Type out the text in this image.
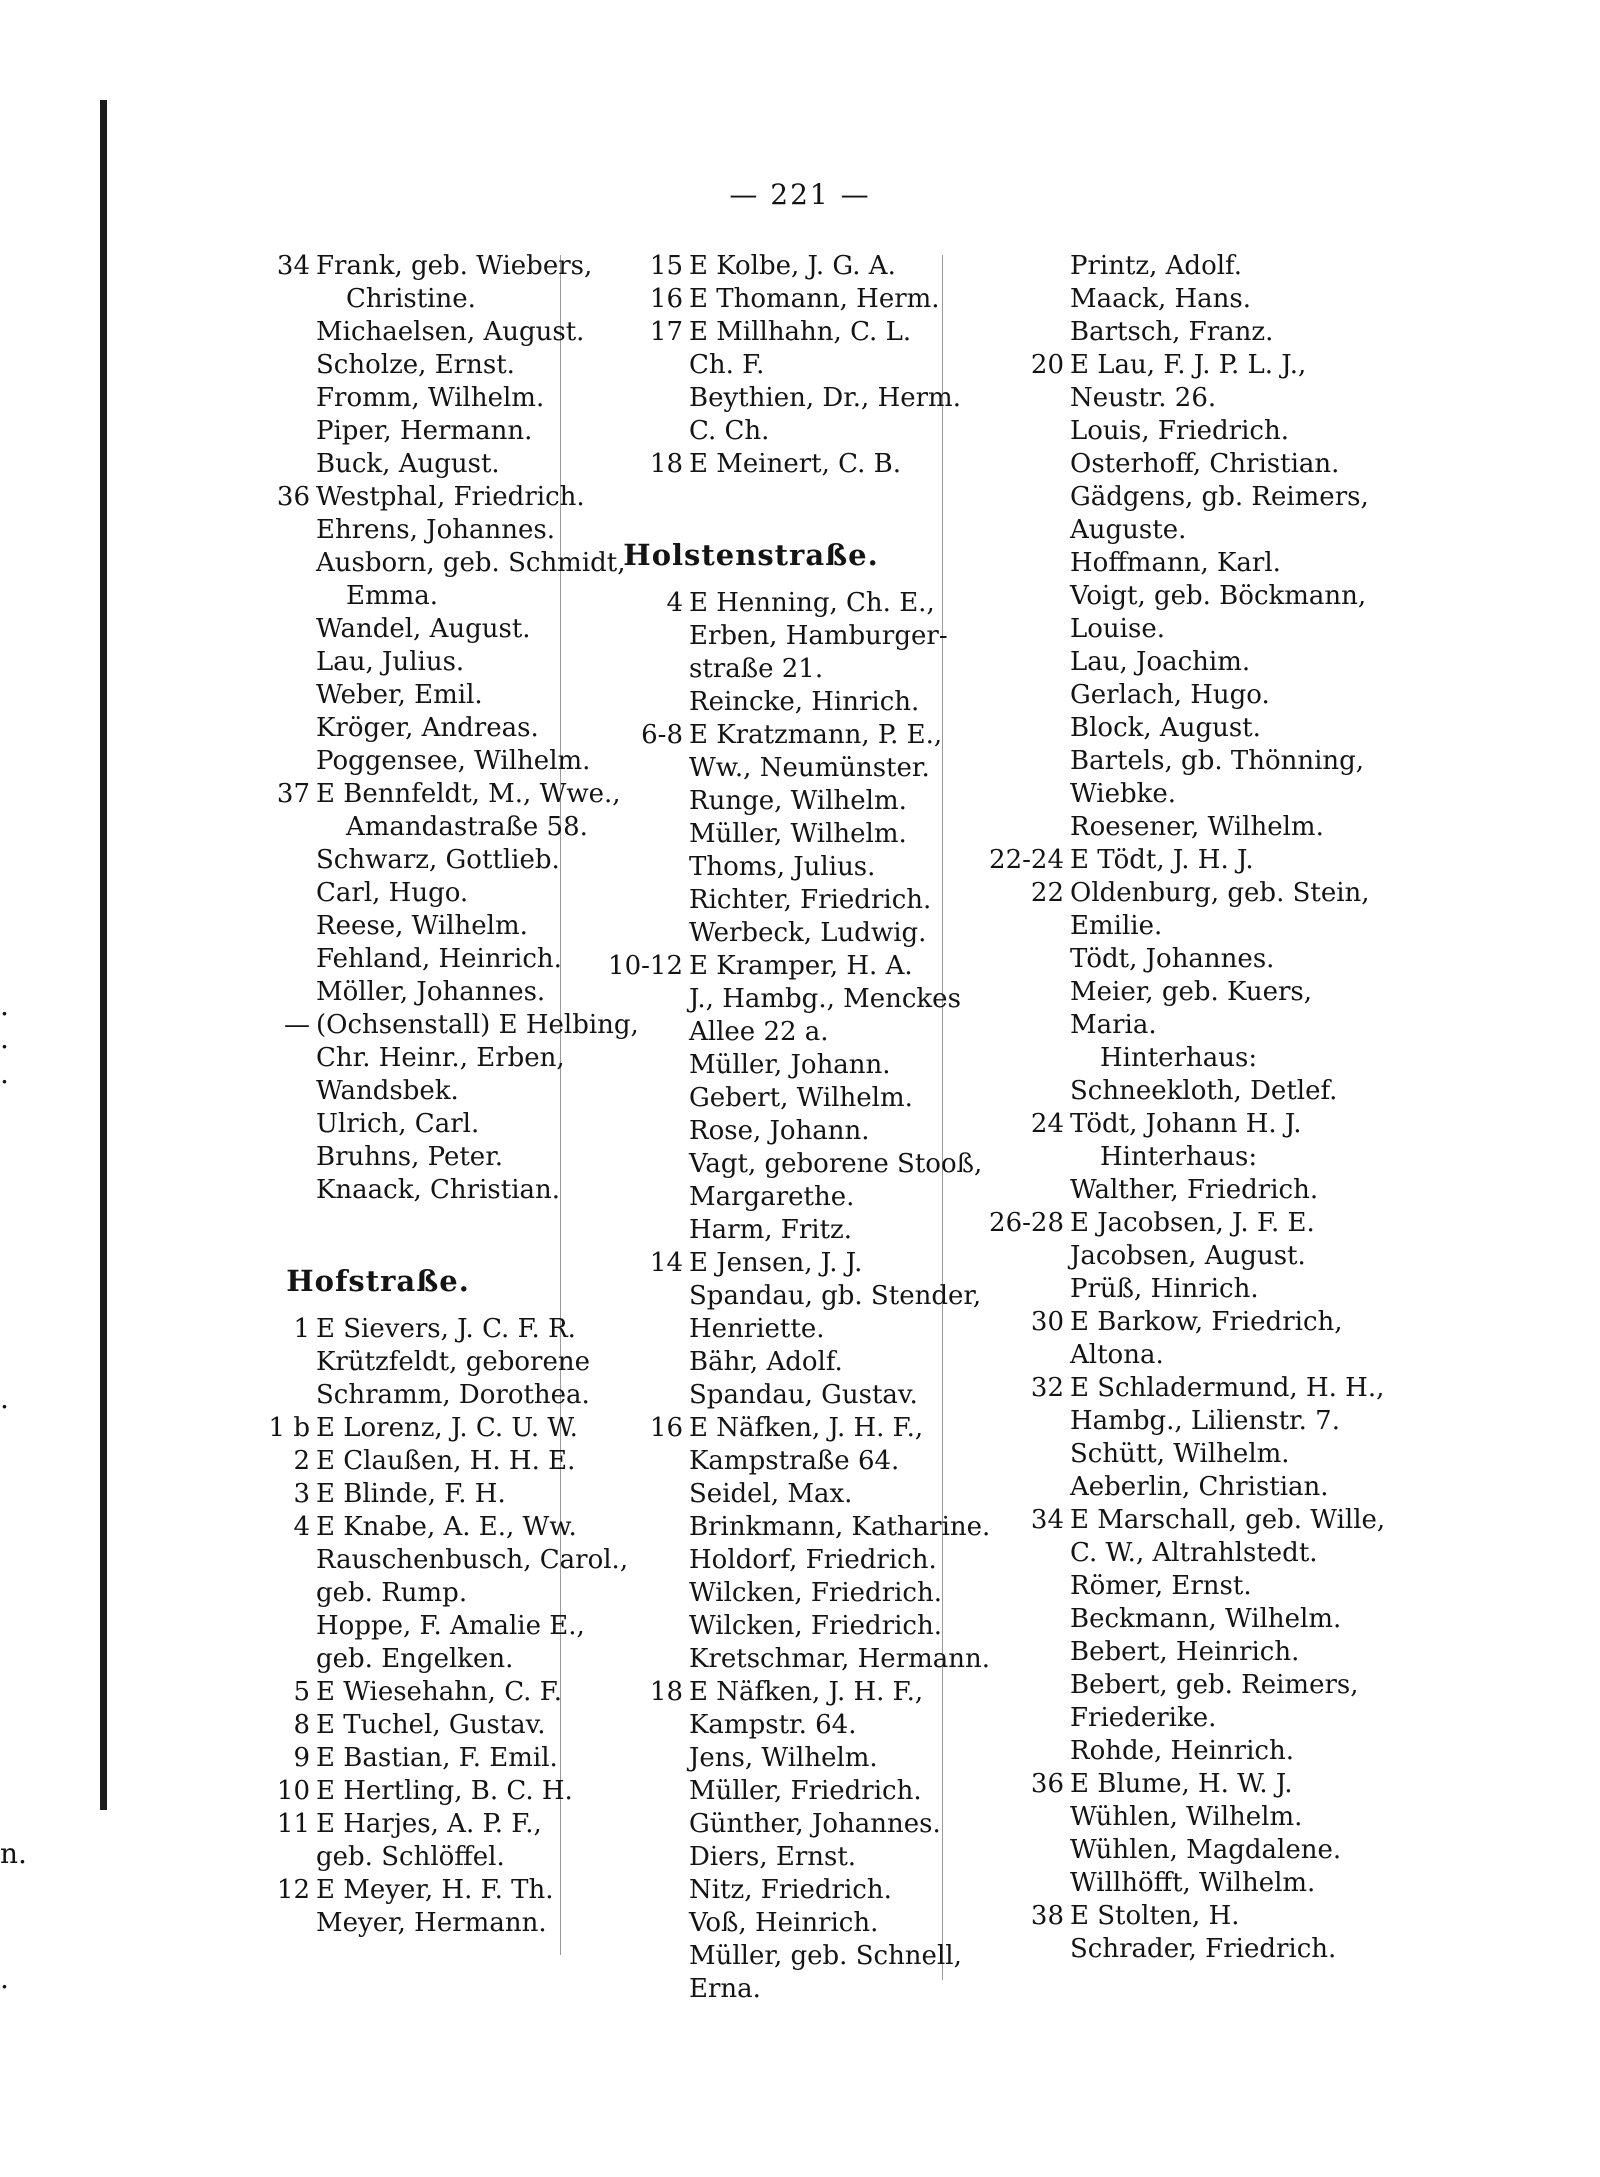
.
.
.
.
n.
.
— 221 —
34 Frank, geb. Wiebers,
Christine.
Michaelsen, August.
Scholze, Ernst.
Fromm, Wilhelm.
Piper, Hermann.
Buck, August.
36 Westphal, Friedrich.
Ehrens, Johannes.
Ausborn, geb. Schmidt,
Emma.
Wandel, August.
Lau, Julius.
Weber, Emil.
Kröger, Andreas.
Poggensee, Wilhelm.
37 E Bennfeldt, M., Wwe.,
Amandastraße 58.
Schwarz, Gottlieb.
Carl, Hugo.
Reese, Wilhelm.
Fehland, Heinrich.
Möller, Johannes.
— (Ochsenstall) E Helbing,
Chr. Heinr., Erben,
Wandsbek.
Ulrich, Carl.
Bruhns, Peter.
Knaack, Christian.
Hofstraße.
1 E Sievers, J. C. F. R.
Krützfeldt, geborene
Schramm, Dorothea.
1 b E Lorenz, J. C. U. W.
2 E Claußen, H. H. E.
3 E Blinde, F. H.
4 E Knabe, A. E., Ww.
Rauschenbusch, Carol.,
geb. Rump.
Hoppe, F. Amalie E.,
geb. Engelken.
5 E Wiesehahn, C. F.
8 E Tuchel, Gustav.
9 E Bastian, F. Emil.
10 E Hertling, B. C. H.
11 E Harjes, A. P. F.,
geb. Schlöffel.
12 E Meyer, H. F. Th.
Meyer, Hermann.
15 E Kolbe, J. G. A.
16 E Thomann, Herm.
17 E Millhahn, C. L.
Ch. F.
Beythien, Dr., Herm.
C. Ch.
18 E Meinert, C. B.
Holstenstraße.
4 E Henning, Ch. E.,
Erben, Hamburger-
straße 21.
Reincke, Hinrich.
6-8 E Kratzmann, P. E.,
Ww., Neumünster.
Runge, Wilhelm.
Müller, Wilhelm.
Thoms, Julius.
Richter, Friedrich.
Werbeck, Ludwig.
10-12 E Kramper, H. A.
J., Hambg., Menckes
Allee 22 a.
Müller, Johann.
Gebert, Wilhelm.
Rose, Johann.
Vagt, geborene Stooß,
Margarethe.
Harm, Fritz.
14 E Jensen, J. J.
Spandau, gb. Stender,
Henriette.
Bähr, Adolf.
Spandau, Gustav.
16 E Näfken, J. H. F.,
Kampstraße 64.
Seidel, Max.
Brinkmann, Katharine.
Holdorf, Friedrich.
Wilcken, Friedrich.
Wilcken, Friedrich.
Kretschmar, Hermann.
18 E Näfken, J. H. F.,
Kampstr. 64.
Jens, Wilhelm.
Müller, Friedrich.
Günther, Johannes.
Diers, Ernst.
Nitz, Friedrich.
Voß, Heinrich.
Müller, geb. Schnell,
Erna.
Printz, Adolf.
Maack, Hans.
Bartsch, Franz.
20 E Lau, F. J. P. L. J.,
Neustr. 26.
Louis, Friedrich.
Osterhoff, Christian.
Gädgens, gb. Reimers,
Auguste.
Hoffmann, Karl.
Voigt, geb. Böckmann,
Louise.
Lau, Joachim.
Gerlach, Hugo.
Block, August.
Bartels, gb. Thönning,
Wiebke.
Roesener, Wilhelm.
22-24 E Tödt, J. H. J.
22 Oldenburg, geb. Stein,
Emilie.
Tödt, Johannes.
Meier, geb. Kuers,
Maria.
Hinterhaus:
Schneekloth, Detlef.
24 Tödt, Johann H. J.
Hinterhaus:
Walther, Friedrich.
26-28 E Jacobsen, J. F. E.
Jacobsen, August.
Prüß, Hinrich.
30 E Barkow, Friedrich,
Altona.
32 E Schladermund, H. H.,
Hambg., Lilienstr. 7.
Schütt, Wilhelm.
Aeberlin, Christian.
34 E Marschall, geb. Wille,
C. W., Altrahlstedt.
Römer, Ernst.
Beckmann, Wilhelm.
Bebert, Heinrich.
Bebert, geb. Reimers,
Friederike.
Rohde, Heinrich.
36 E Blume, H. W. J.
Wühlen, Wilhelm.
Wühlen, Magdalene.
Willhöfft, Wilhelm.
38 E Stolten, H.
Schrader, Friedrich.
